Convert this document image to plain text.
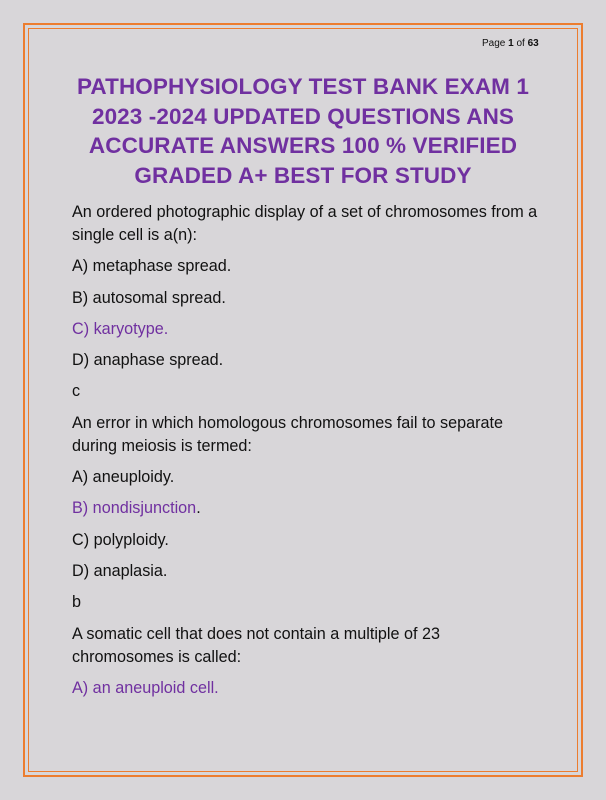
Page 1 of 63
PATHOPHYSIOLOGY TEST BANK EXAM 1 2023 -2024 UPDATED QUESTIONS ANS ACCURATE ANSWERS 100 % VERIFIED GRADED A+ BEST FOR STUDY

An ordered photographic display of a set of chromosomes from a single cell is a(n):

A) metaphase spread.

B) autosomal spread.

C) karyotype.

D) anaphase spread.

c

An error in which homologous chromosomes fail to separate during meiosis is termed:

A) aneuploidy.

B) nondisjunction.

C) polyploidy.

D) anaplasia.

b

A somatic cell that does not contain a multiple of 23 chromosomes is called:

A) an aneuploid cell.
